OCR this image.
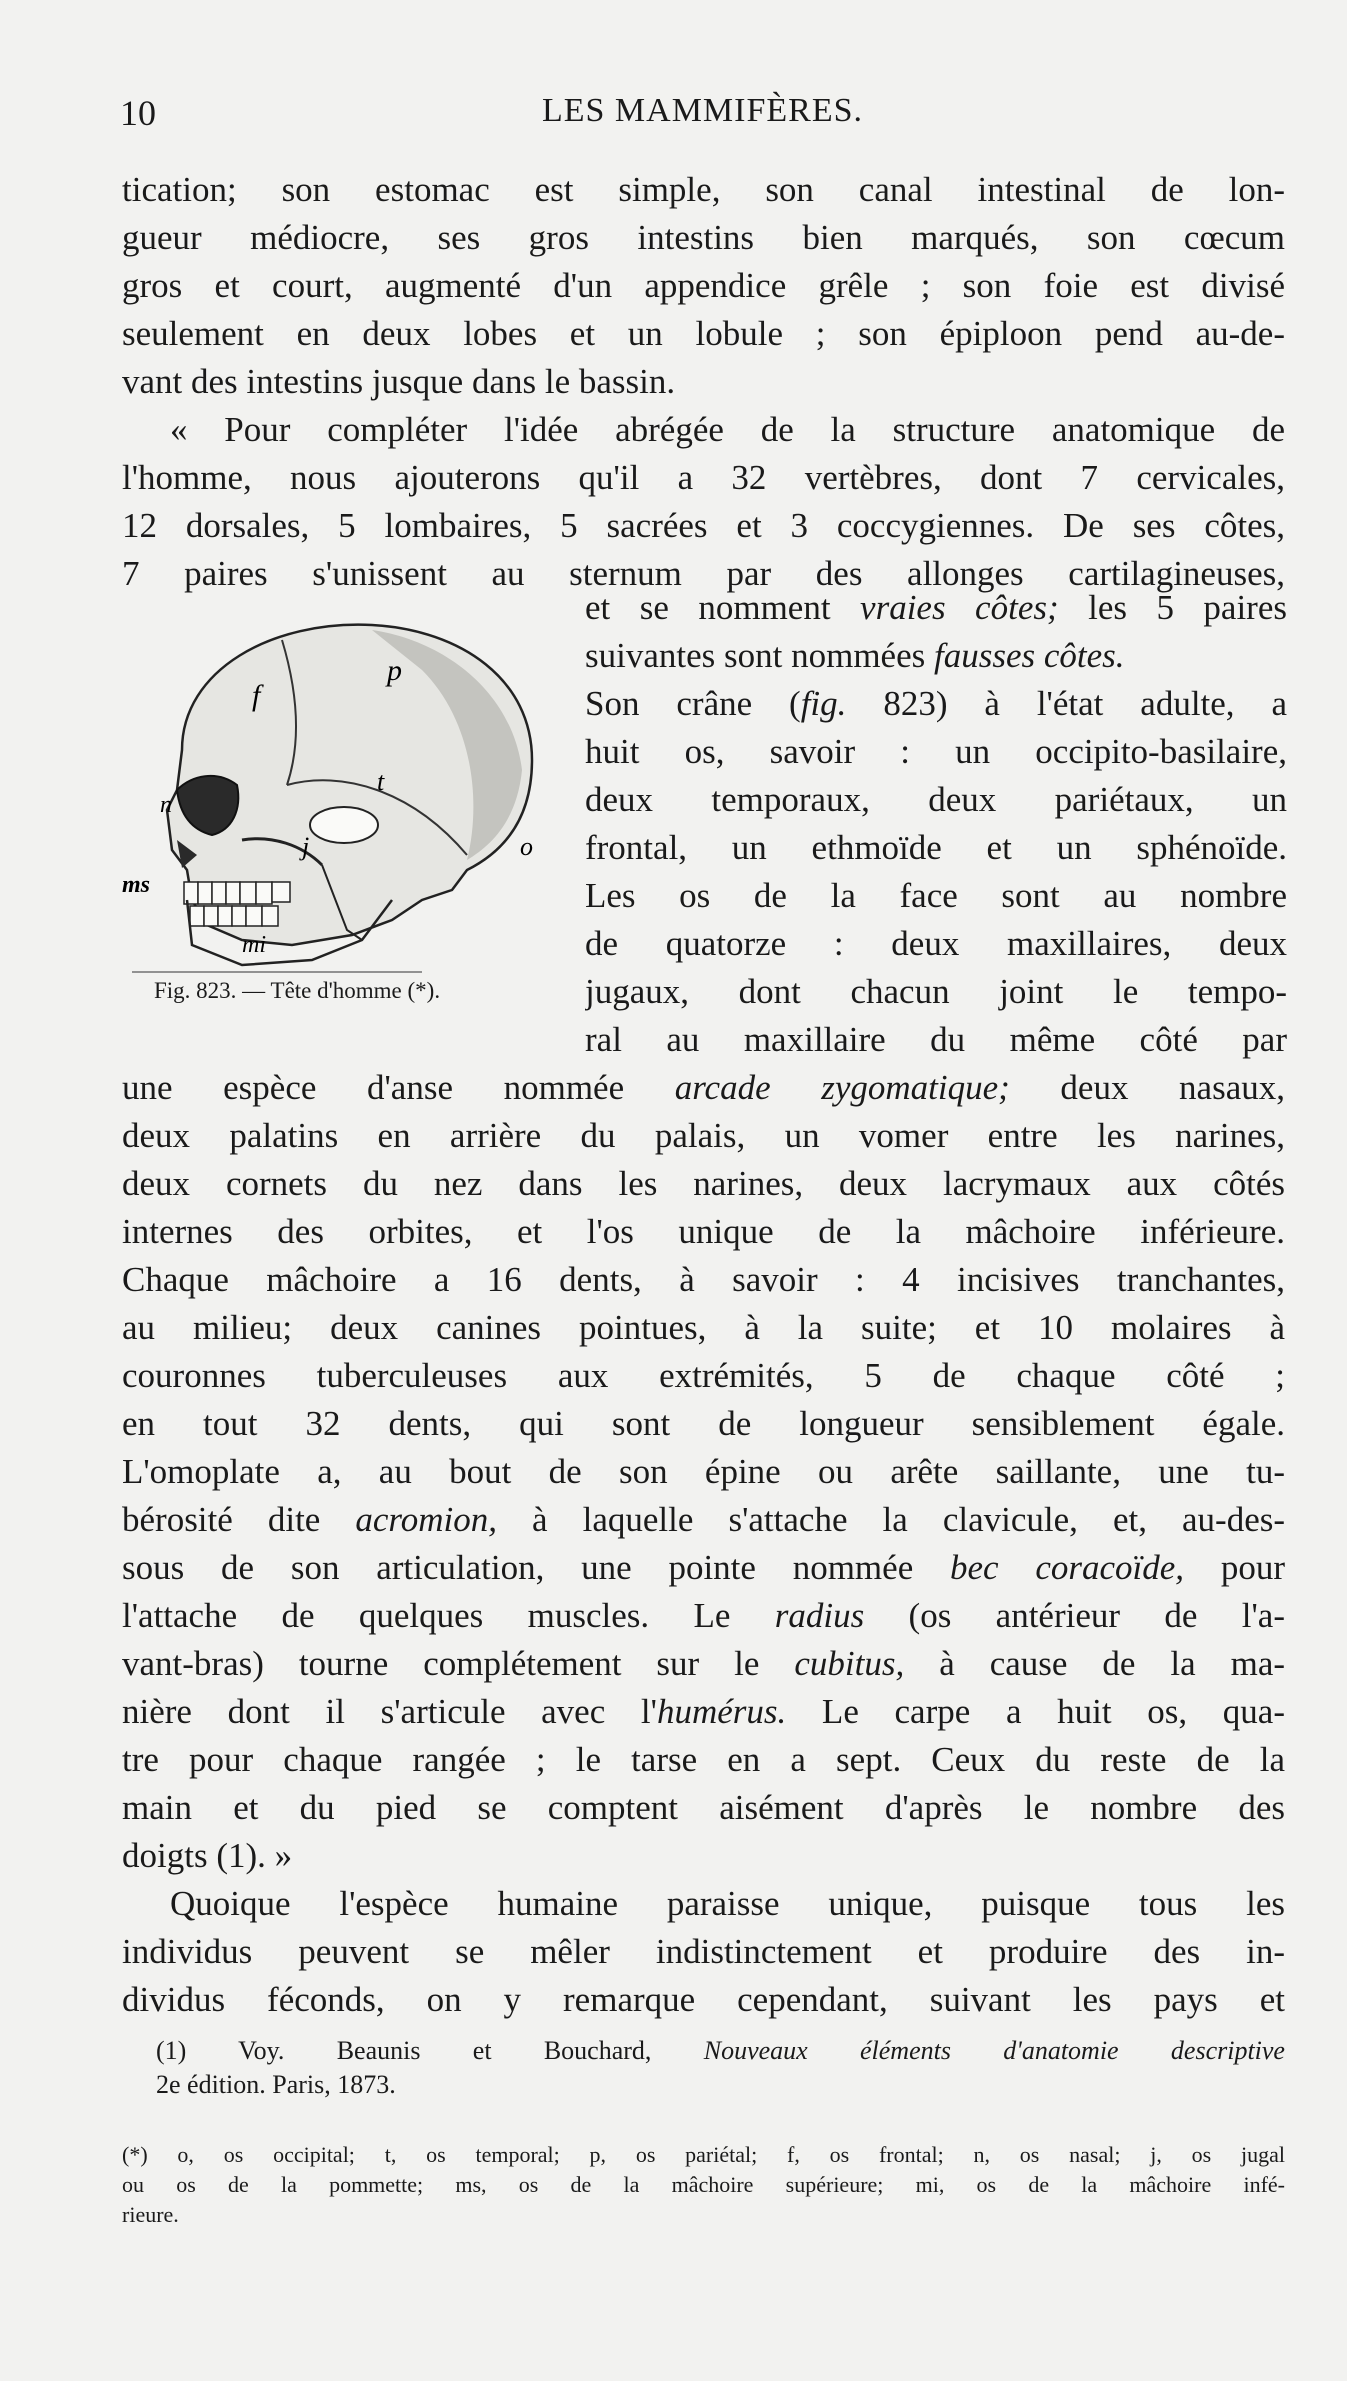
10	LES MAMMIFÈRES.
tication; son estomac est simple, son canal intestinal de lon-
gueur médiocre, ses gros intestins bien marqués, son cœcum
gros et court, augmenté d'un appendice grêle ; son foie est divisé
seulement en deux lobes et un lobule ; son épiploon pend au-de-
vant des intestins jusque dans le bassin.
« Pour compléter l'idée abrégée de la structure anatomique de
l'homme, nous ajouterons qu'il a 32 vertèbres, dont 7 cervicales,
12 dorsales, 5 lombaires, 5 sacrées et 3 coccygiennes. De ses côtes,
7 paires s'unissent au sternum par des allonges cartilagineuses,
f
p
t
n
j	o
ms
mi
Fig. 823. — Tête d'homme (*).
et se nomment vraies côtes; les 5 paires
suivantes sont nommées fausses côtes.
Son crâne (fig. 823) à l'état adulte, a
huit os, savoir : un occipito-basilaire,
deux temporaux, deux pariétaux, un
frontal, un ethmoïde et un sphénoïde.
Les os de la face sont au nombre
de quatorze : deux maxillaires, deux
jugaux, dont chacun joint le tempo-
ral au maxillaire du même côté par
une espèce d'anse nommée arcade zygomatique; deux nasaux,
deux palatins en arrière du palais, un vomer entre les narines,
deux cornets du nez dans les narines, deux lacrymaux aux côtés
internes des orbites, et l'os unique de la mâchoire inférieure.
Chaque mâchoire a 16 dents, à savoir : 4 incisives tranchantes,
au milieu; deux canines pointues, à la suite; et 10 molaires à
couronnes tuberculeuses aux extrémités, 5 de chaque côté ;
en tout 32 dents, qui sont de longueur sensiblement égale.
L'omoplate a, au bout de son épine ou arête saillante, une tu-
bérosité dite acromion, à laquelle s'attache la clavicule, et, au-des-
sous de son articulation, une pointe nommée bec coracoïde, pour
l'attache de quelques muscles. Le radius (os antérieur de l'a-
vant-bras) tourne complétement sur le cubitus, à cause de la ma-
nière dont il s'articule avec l'humérus. Le carpe a huit os, qua-
tre pour chaque rangée ; le tarse en a sept. Ceux du reste de la
main et du pied se comptent aisément d'après le nombre des
doigts (1). »
Quoique l'espèce humaine paraisse unique, puisque tous les
individus peuvent se mêler indistinctement et produire des in-
dividus féconds, on y remarque cependant, suivant les pays et
(1) Voy. Beaunis et Bouchard, Nouveaux éléments d'anatomie descriptive
2e édition. Paris, 1873.
(*) o, os occipital; t, os temporal; p, os pariétal; f, os frontal; n, os nasal; j, os jugal
ou os de la pommette; ms, os de la mâchoire supérieure; mi, os de la mâchoire infé-
rieure.
